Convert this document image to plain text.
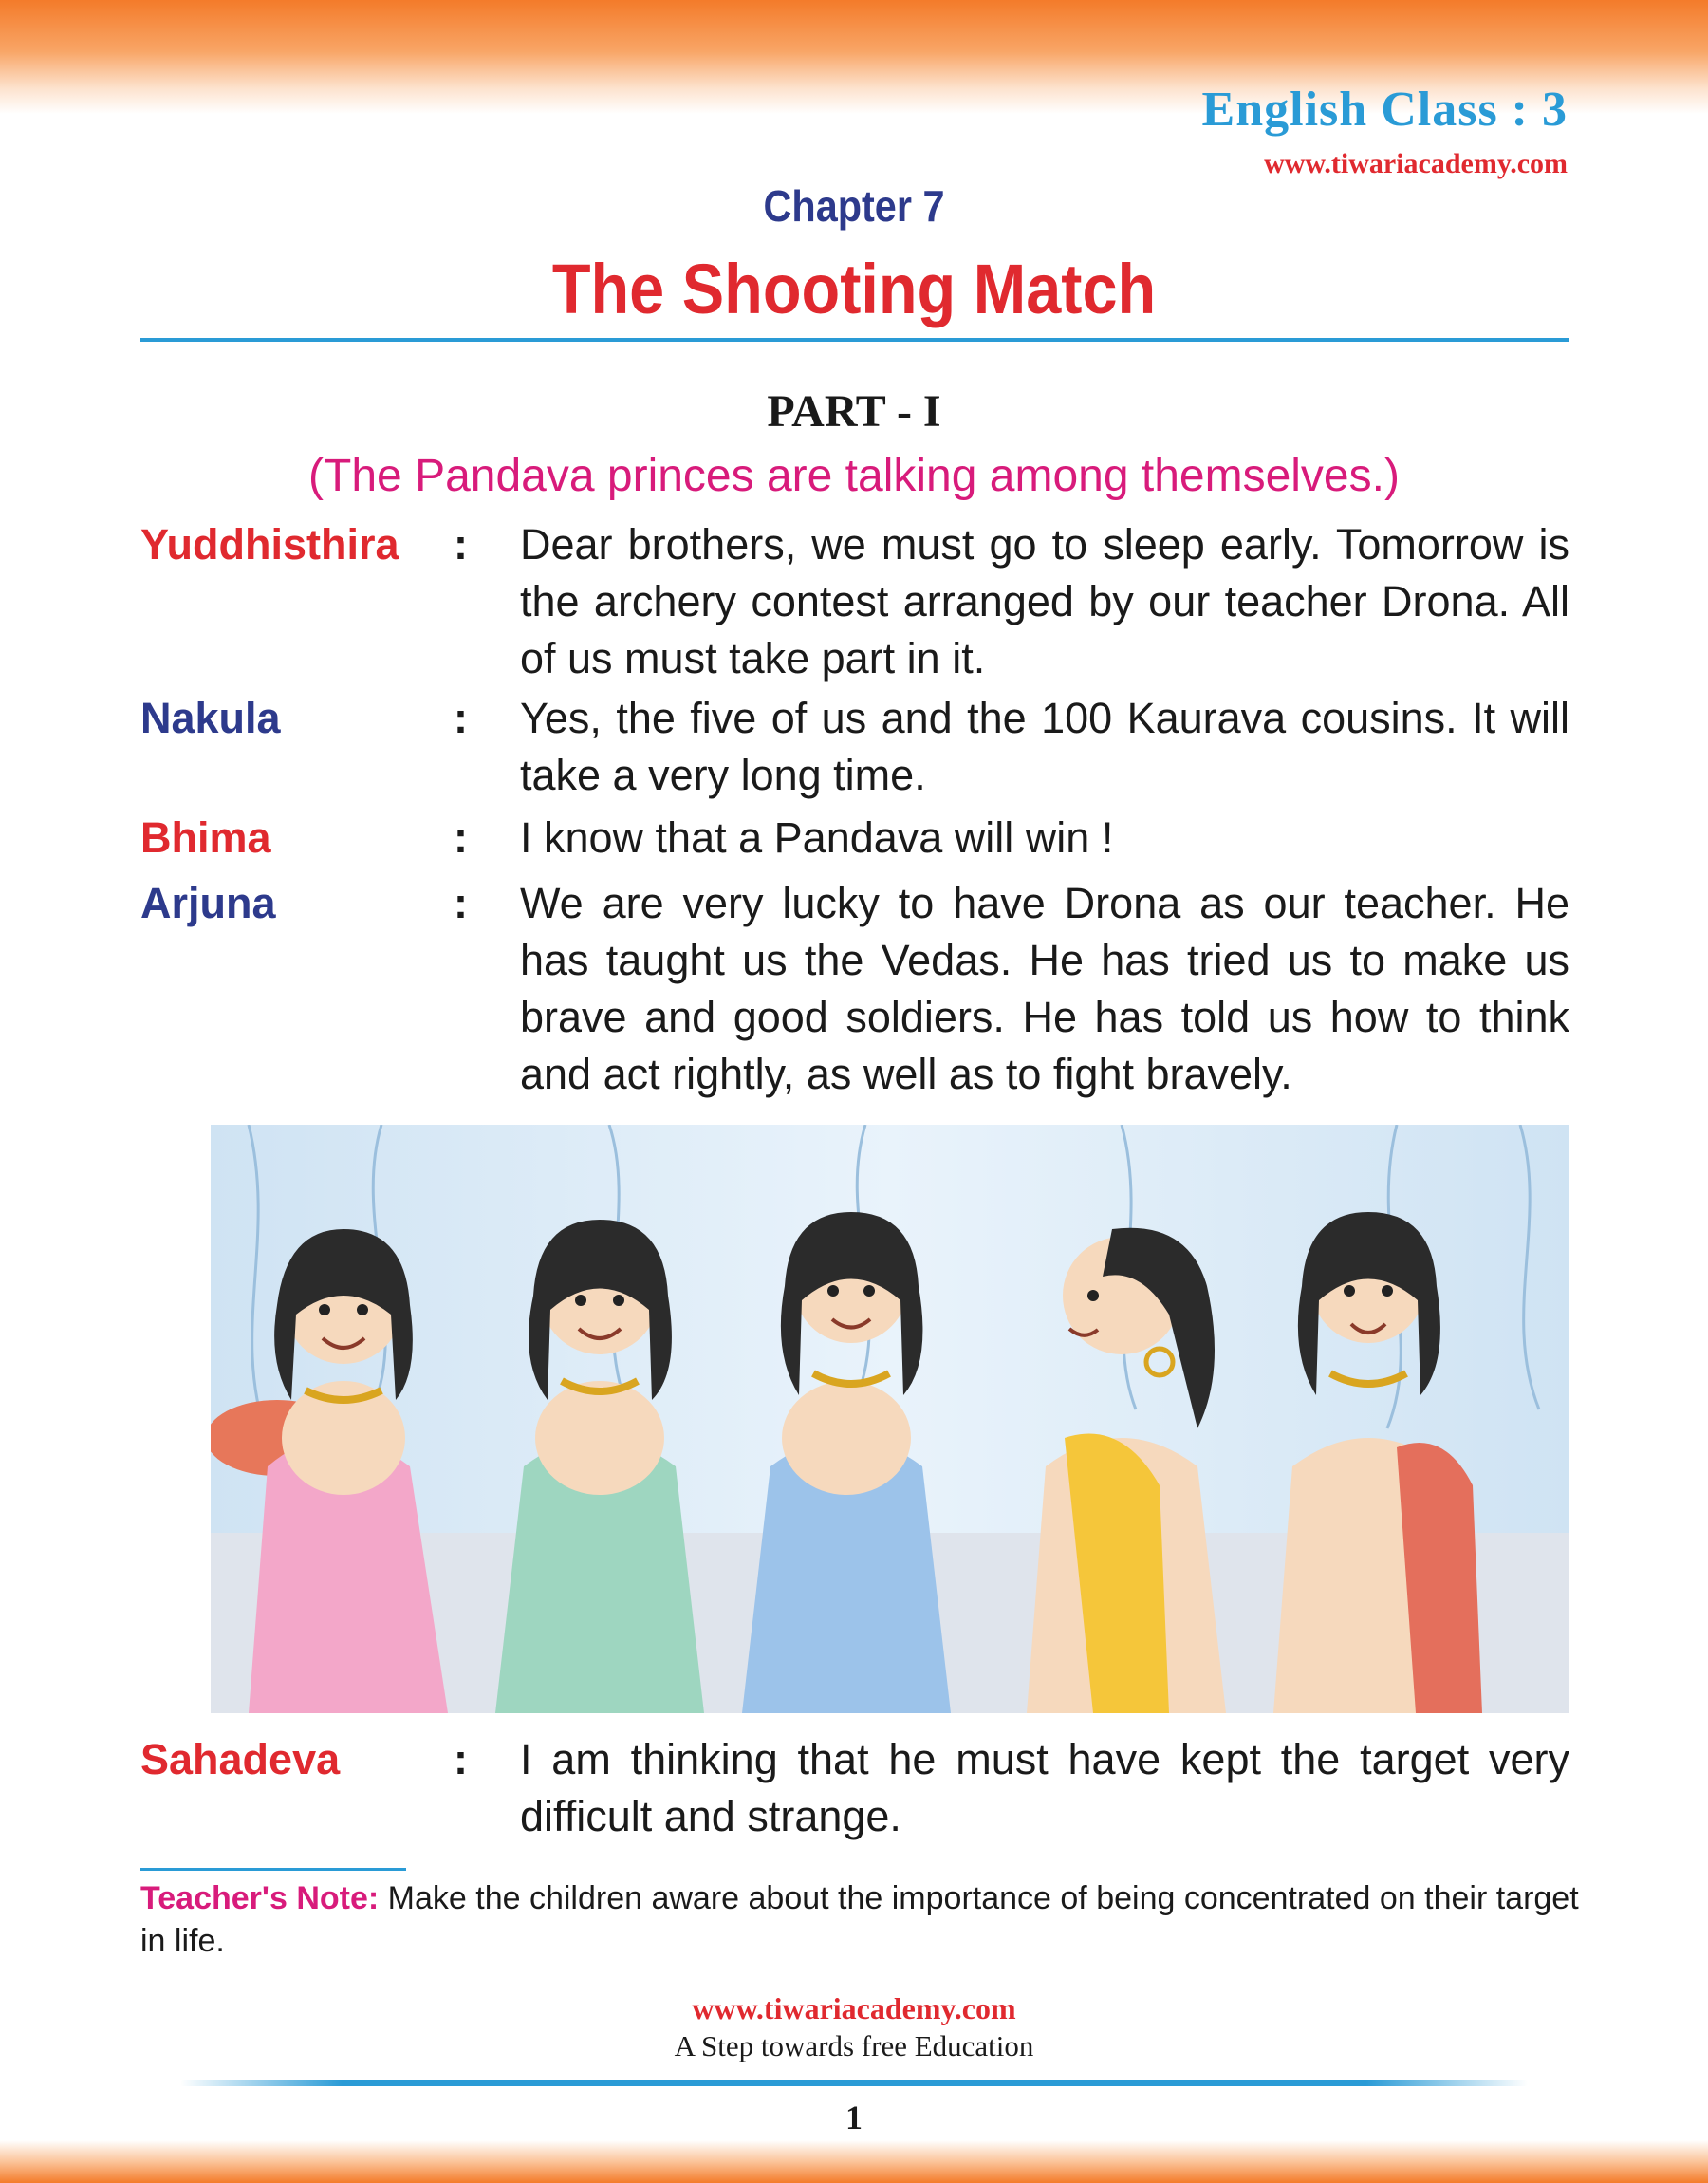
English Class : 3
www.tiwariacademy.com
Chapter 7
The Shooting Match
PART - I
(The Pandava princes are talking among themselves.)
Yuddhisthira : Dear brothers, we must go to sleep early. Tomorrow is the archery contest arranged by our teacher Drona. All of us must take part in it.
Nakula	: Yes, the five of us and the 100 Kaurava cousins. It will take a very long time.
Bhima	: I know that a Pandava will win !
Arjuna	: We are very lucky to have Drona as our teacher. He has taught us the Vedas. He has tried us to make us brave and good soldiers. He has told us how to think and act rightly, as well as to fight bravely.
Sahadeva	: I am thinking that he must have kept the target very difficult and strange.
Teacher's Note: Make the children aware about the importance of being concentrated on their target in life.
www.tiwariacademy.com
A Step towards free Education
1
